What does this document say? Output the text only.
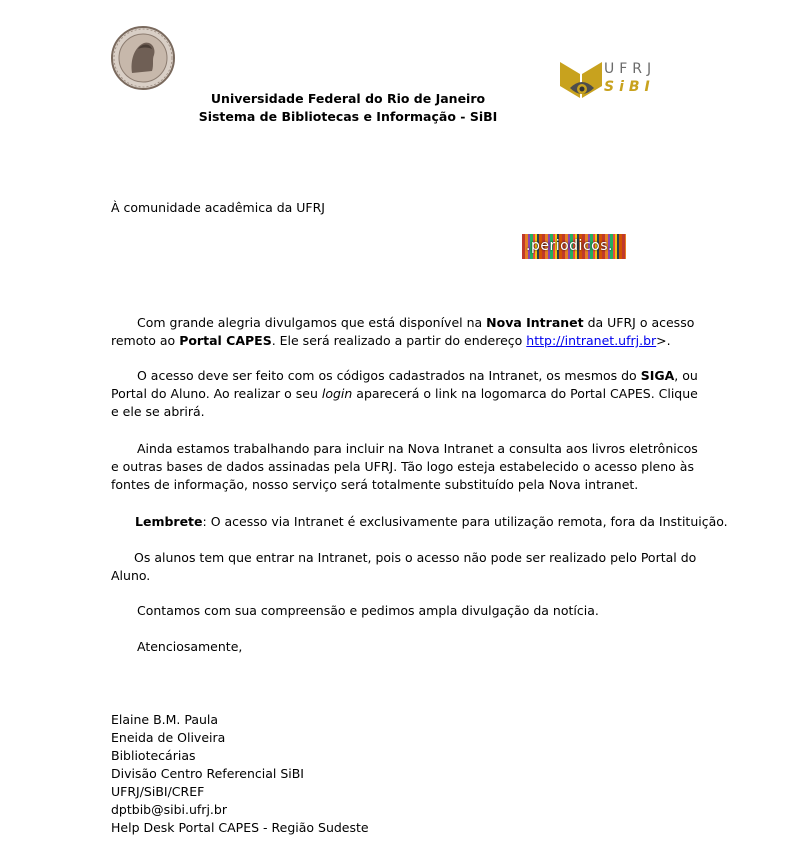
UFRJ
SiBI
Universidade Federal do Rio de Janeiro
Sistema de Bibliotecas e Informação - SiBI
À comunidade acadêmica da UFRJ
.periodicos.
Com grande alegria divulgamos que está disponível na Nova Intranet da UFRJ o acesso remoto ao Portal CAPES. Ele será realizado a partir do endereço http://intranet.ufrj.br>.
O acesso deve ser feito com os códigos cadastrados na Intranet, os mesmos do SIGA, ou Portal do Aluno. Ao realizar o seu login aparecerá o link na logomarca do Portal CAPES. Clique e ele se abrirá.
Ainda estamos trabalhando para incluir na Nova Intranet a consulta aos livros eletrônicos e outras bases de dados assinadas pela UFRJ. Tão logo esteja estabelecido o acesso pleno às fontes de informação, nosso serviço será totalmente substituído pela Nova intranet.
Lembrete: O acesso via Intranet é exclusivamente para utilização remota, fora da Instituição.
Os alunos tem que entrar na Intranet, pois o acesso não pode ser realizado pelo Portal do Aluno.
Contamos com sua compreensão e pedimos ampla divulgação da notícia.
Atenciosamente,
Elaine B.M. Paula
Eneida de Oliveira
Bibliotecárias
Divisão Centro Referencial SiBI
UFRJ/SiBI/CREF
dptbib@sibi.ufrj.br
Help Desk Portal CAPES - Região Sudeste
